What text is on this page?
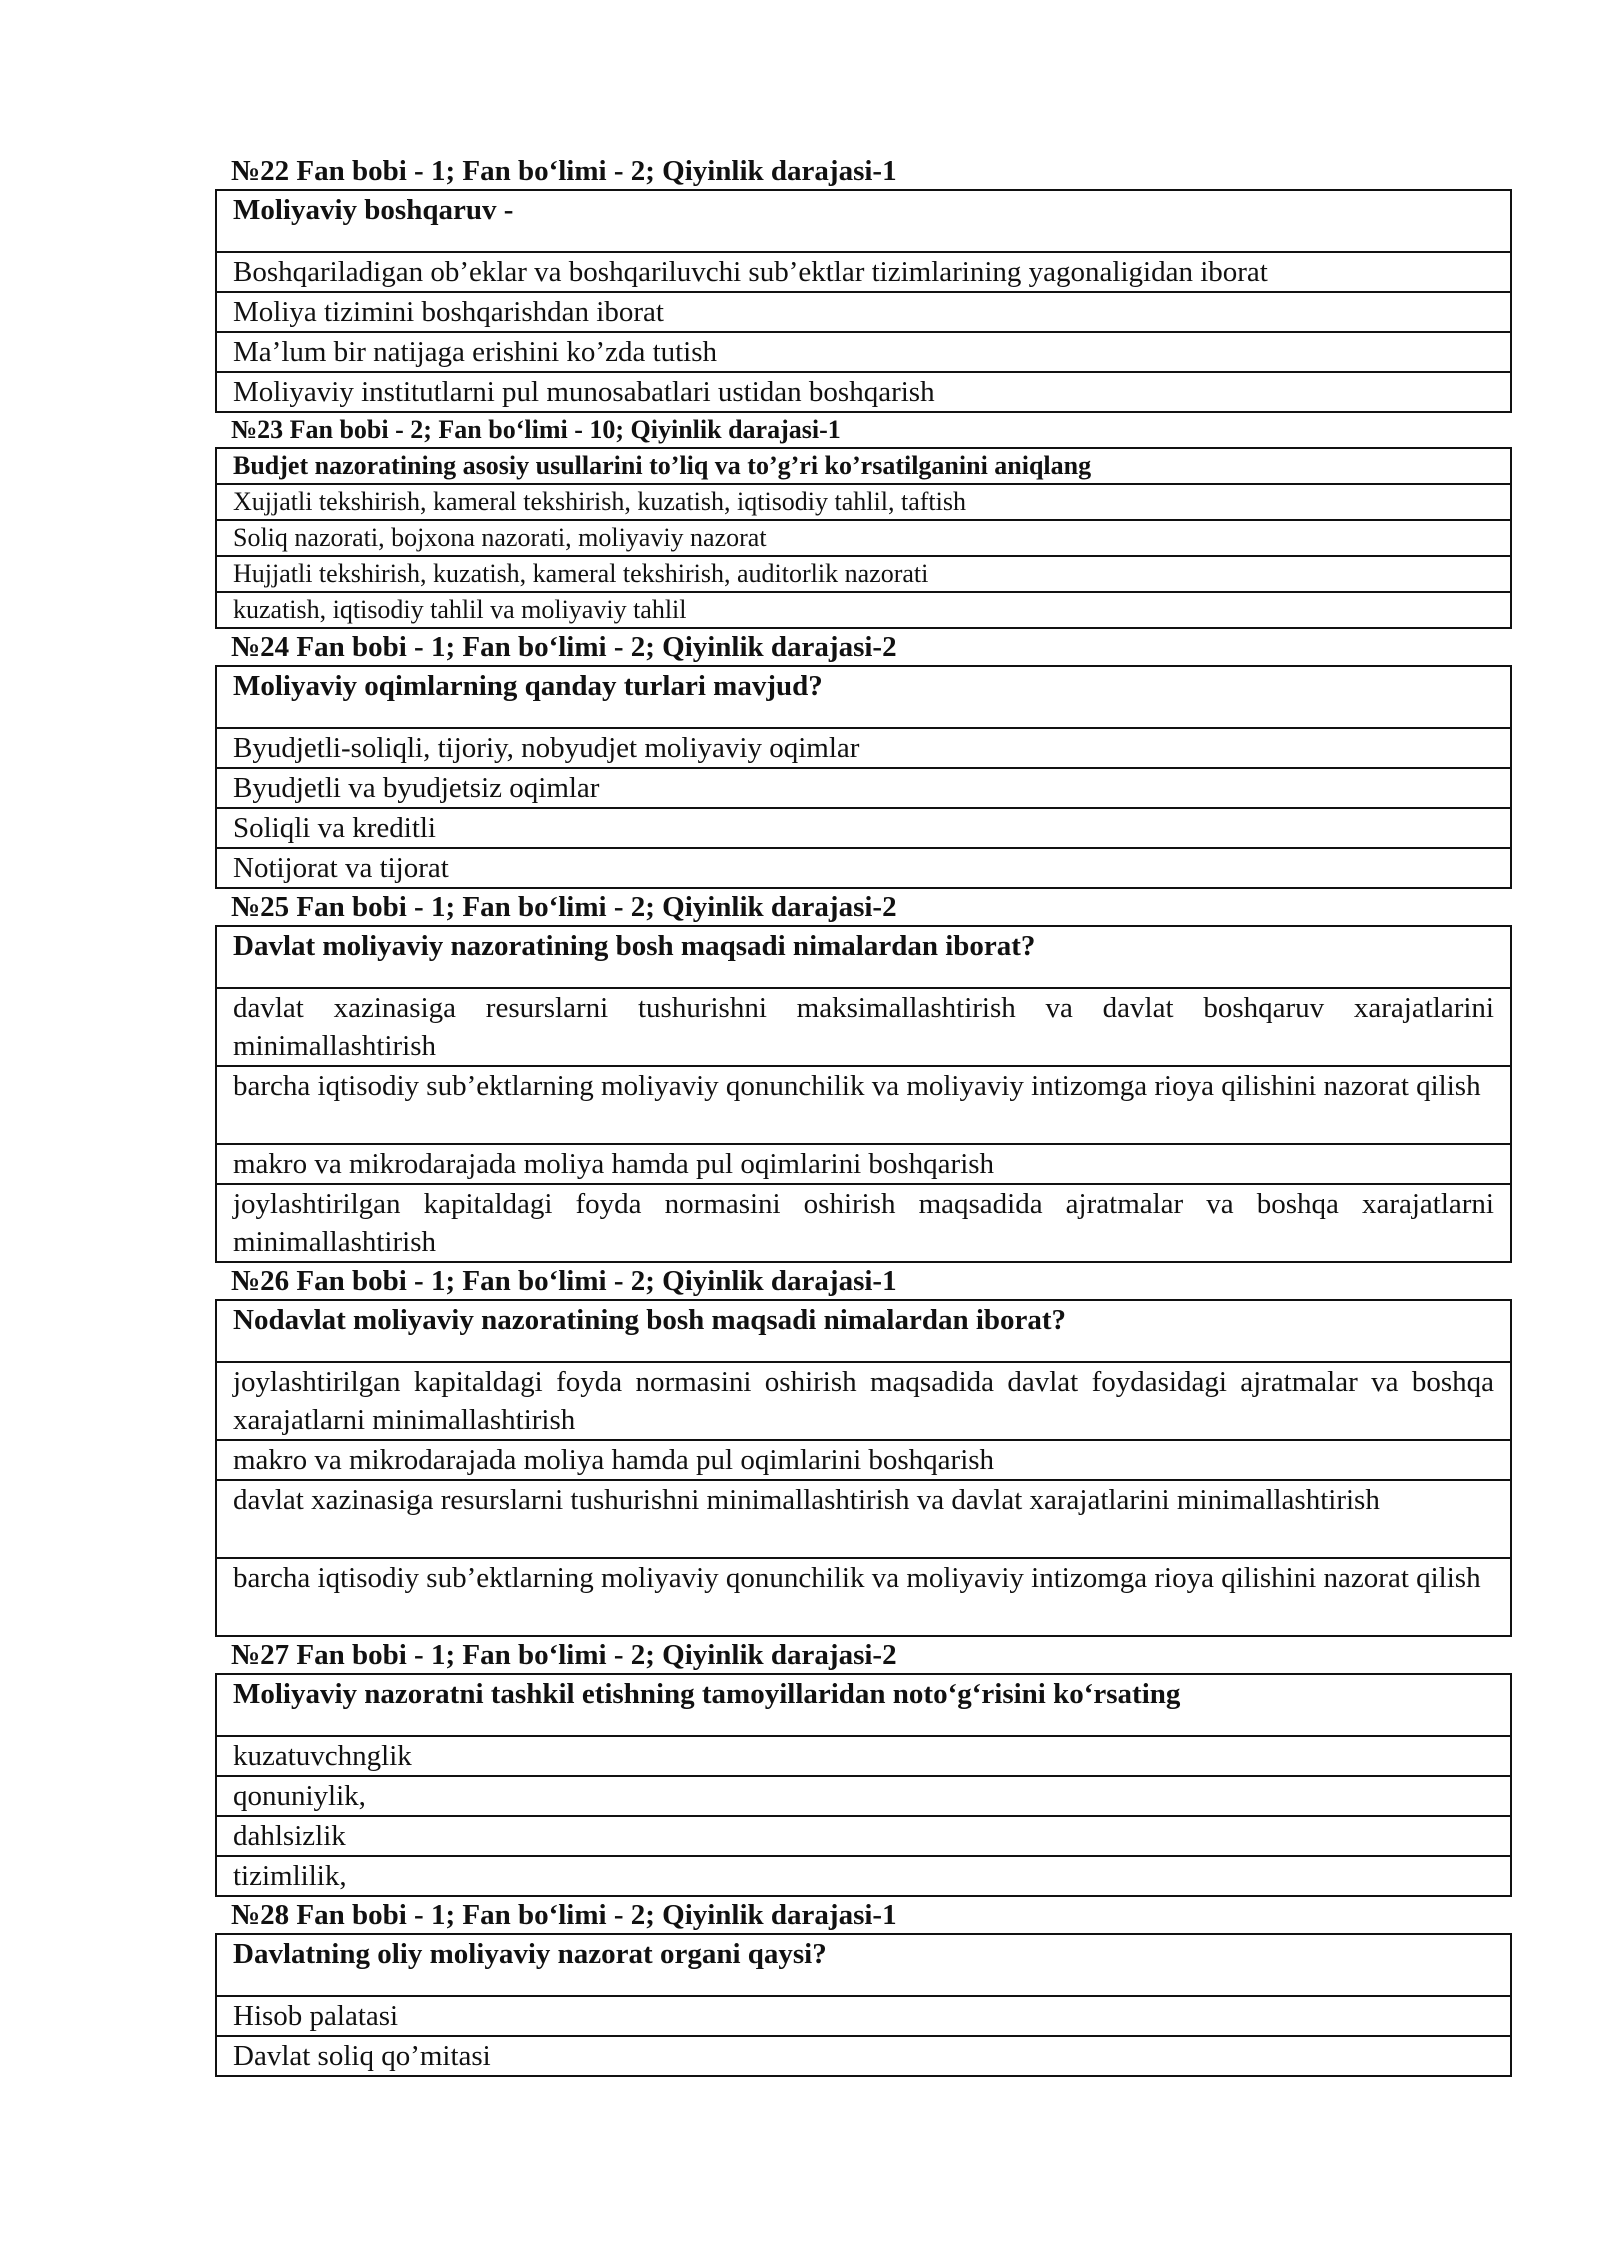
№22 Fan bobi - 1; Fan bo‘limi - 2; Qiyinlik darajasi-1
Moliyaviy boshqaruv -
Boshqariladigan ob’eklar va boshqariluvchi sub’ektlar tizimlarining yagonaligidan iborat
Moliya tizimini boshqarishdan iborat
Ma’lum bir natijaga erishini ko’zda tutish
Moliyaviy institutlarni pul munosabatlari ustidan boshqarish
№23 Fan bobi - 2; Fan bo‘limi - 10; Qiyinlik darajasi-1
Budjet nazoratining asosiy usullarini to’liq va to’g’ri ko’rsatilganini aniqlang
Xujjatli tekshirish, kameral tekshirish, kuzatish, iqtisodiy tahlil, taftish
Soliq nazorati, bojxona nazorati, moliyaviy nazorat
Hujjatli tekshirish, kuzatish, kameral tekshirish, auditorlik nazorati
kuzatish, iqtisodiy tahlil va moliyaviy tahlil
№24 Fan bobi - 1; Fan bo‘limi - 2; Qiyinlik darajasi-2
Moliyaviy oqimlarning qanday turlari mavjud?
Byudjetli-soliqli, tijoriy, nobyudjet moliyaviy oqimlar
Byudjetli va byudjetsiz oqimlar
Soliqli va kreditli
Notijorat va tijorat
№25 Fan bobi - 1; Fan bo‘limi - 2; Qiyinlik darajasi-2
Davlat moliyaviy nazoratining bosh maqsadi nimalardan iborat?
davlat xazinasiga resurslarni tushurishni maksimallashtirish va davlat boshqaruv xarajatlarini minimallashtirish
barcha iqtisodiy sub’ektlarning moliyaviy qonunchilik va moliyaviy intizomga rioya qilishini nazorat qilish
makro va mikrodarajada moliya hamda pul oqimlarini boshqarish
joylashtirilgan kapitaldagi foyda normasini oshirish maqsadida ajratmalar va boshqa xarajatlarni minimallashtirish
№26 Fan bobi - 1; Fan bo‘limi - 2; Qiyinlik darajasi-1
Nodavlat moliyaviy nazoratining bosh maqsadi nimalardan iborat?
joylashtirilgan kapitaldagi foyda normasini oshirish maqsadida davlat foydasidagi ajratmalar va boshqa xarajatlarni minimallashtirish
makro va mikrodarajada moliya hamda pul oqimlarini boshqarish
davlat xazinasiga resurslarni tushurishni minimallashtirish va davlat xarajatlarini minimallashtirish
barcha iqtisodiy sub’ektlarning moliyaviy qonunchilik va moliyaviy intizomga rioya qilishini nazorat qilish
№27 Fan bobi - 1; Fan bo‘limi - 2; Qiyinlik darajasi-2
Moliyaviy nazoratni tashkil etishning tamoyillaridan noto‘g‘risini ko‘rsating
kuzatuvchnglik
qonuniylik,
dahlsizlik
tizimlilik,
№28 Fan bobi - 1; Fan bo‘limi - 2; Qiyinlik darajasi-1
Davlatning oliy moliyaviy nazorat organi qaysi?
Hisob palatasi
Davlat soliq qo’mitasi
